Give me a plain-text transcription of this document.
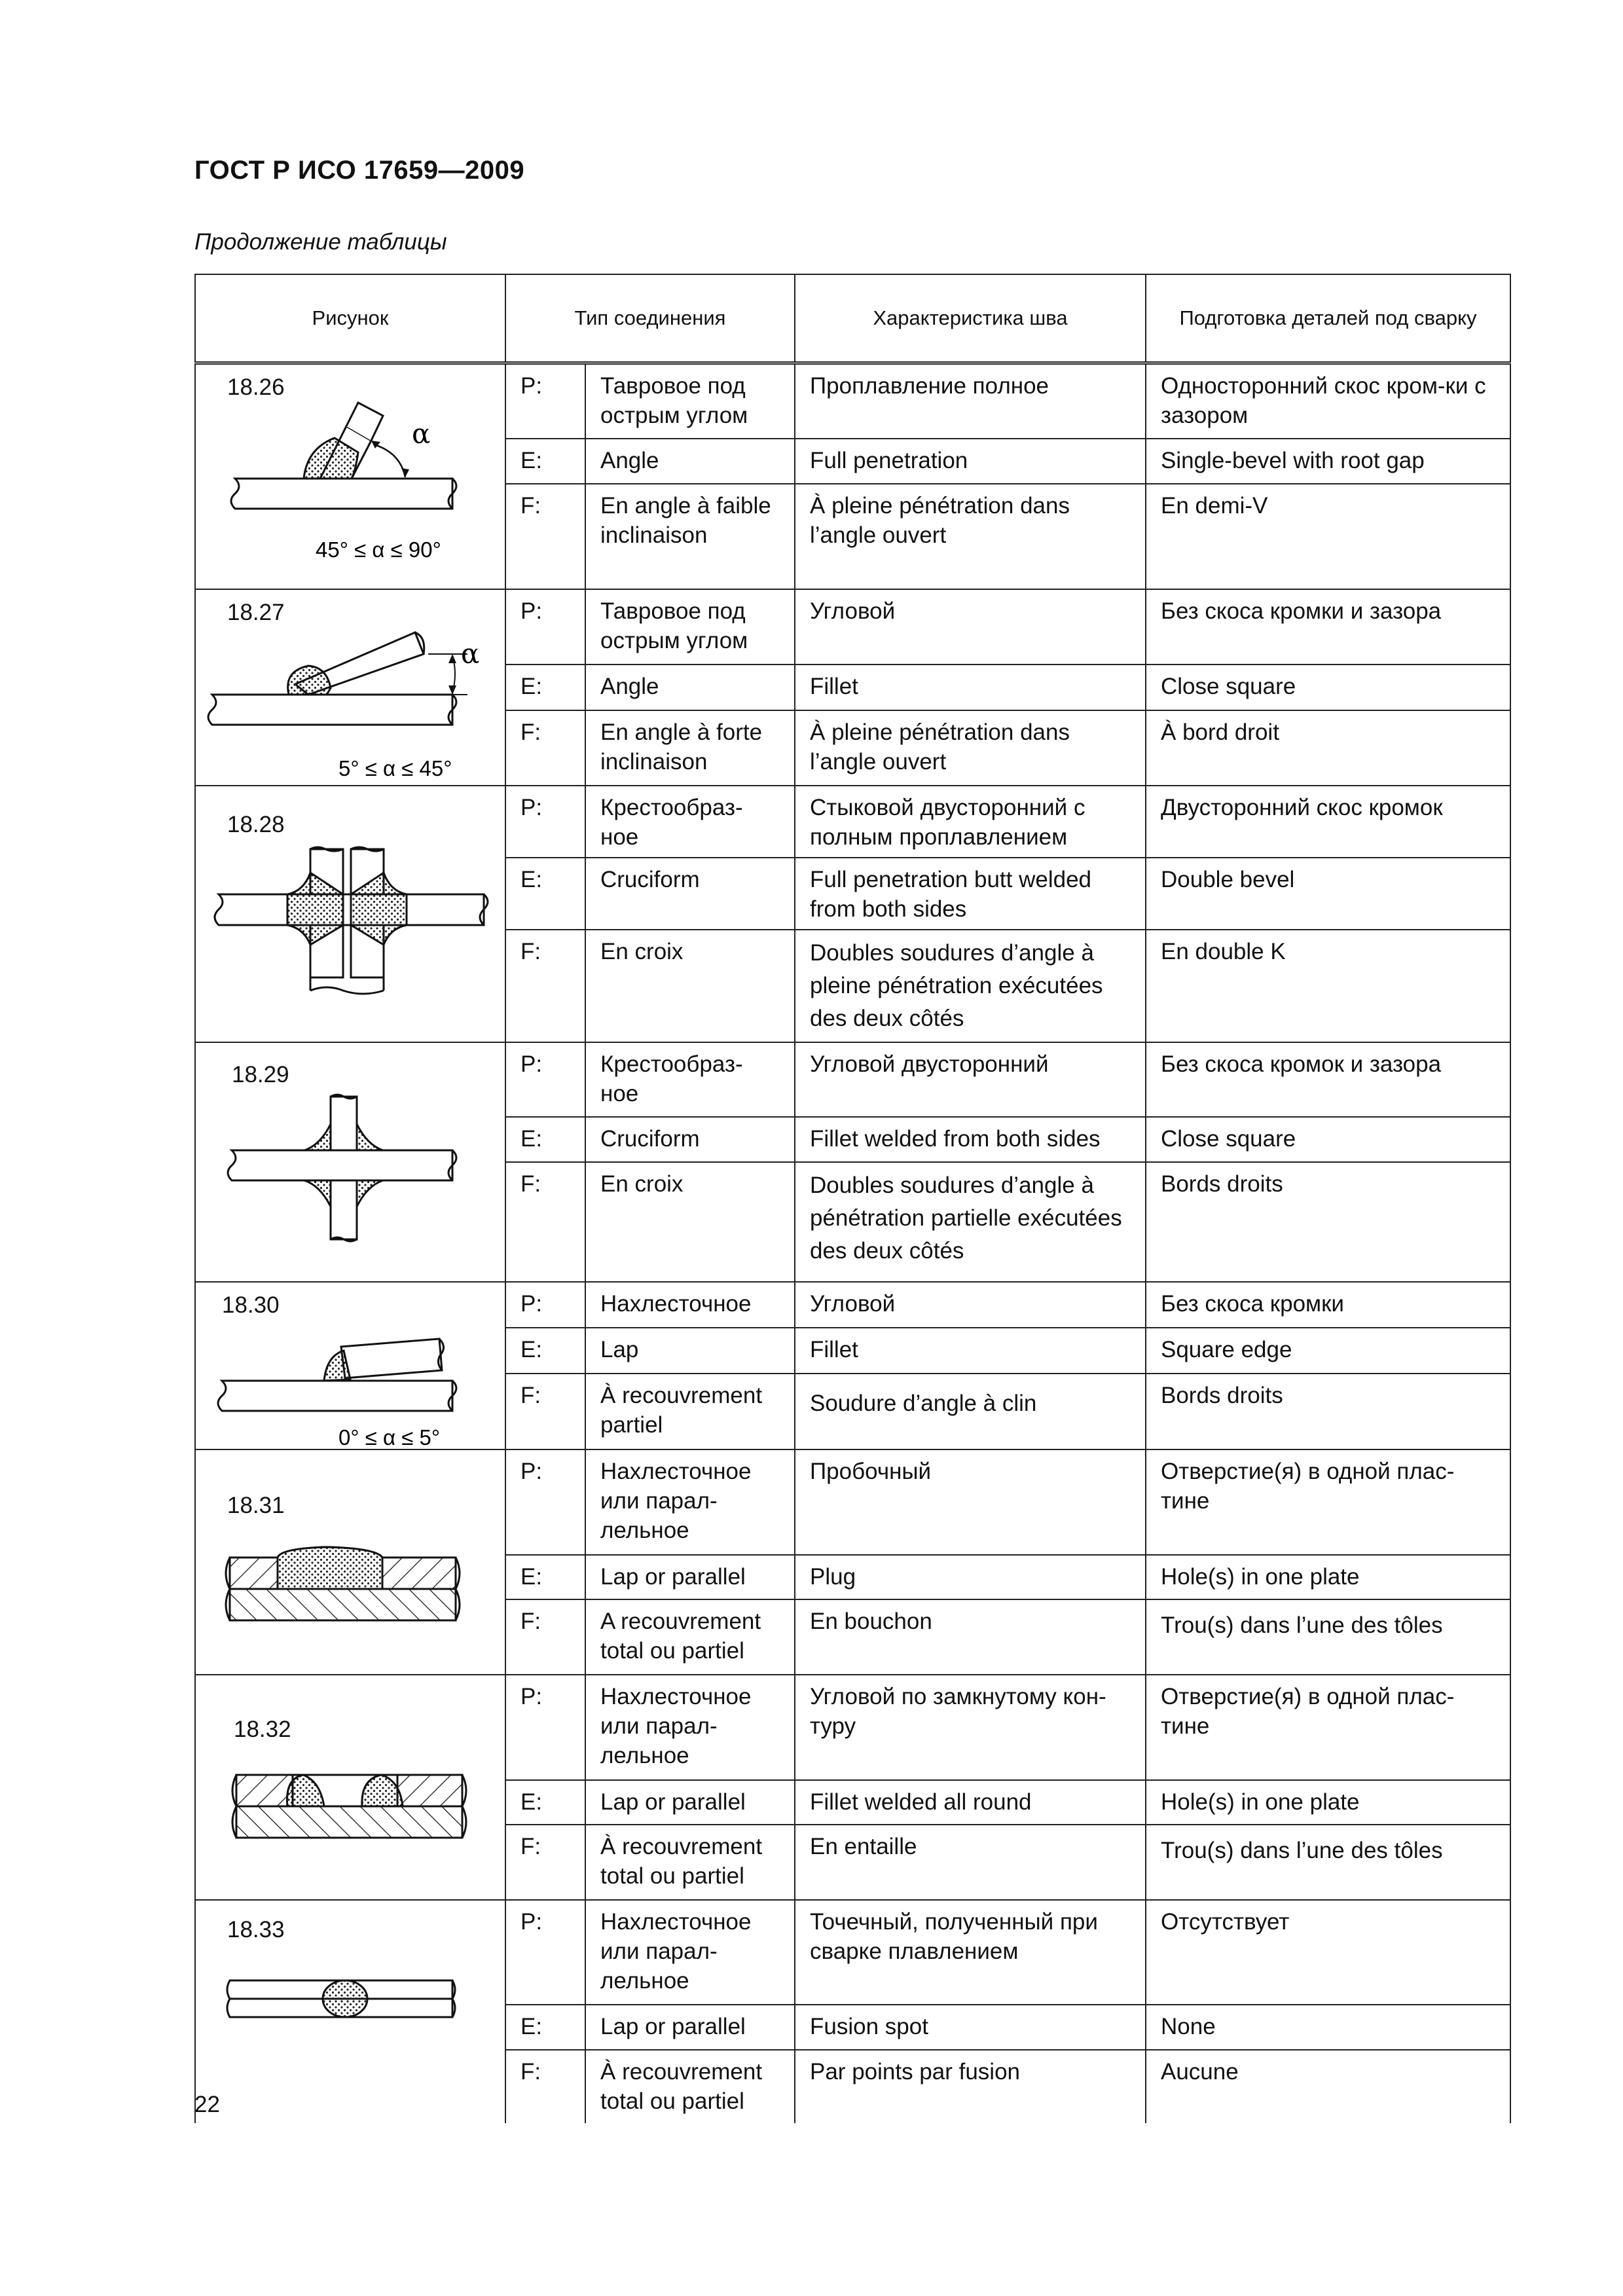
ГОСТ Р ИСО 17659—2009
Продолжение таблицы
Рисунок	Тип соединения		Характеристика шва	Подготовка деталей под сварку

18.26
α
45° ≤ α ≤ 90°	P:	Тавровое под острым углом	Проплавление полное	Односторонний скос кром-ки с зазором
	E:	Angle	Full penetration	Single-bevel with root gap
	F:	En angle à faible inclinaison	À pleine pénétration dans l’angle ouvert	En demi-V

18.27
α
5° ≤ α ≤ 45°	P:	Тавровое под острым углом	Угловой	Без скоса кромки и зазора
	E:	Angle	Fillet	Close square
	F:	En angle à forte inclinaison	À pleine pénétration dans l’angle ouvert	À bord droit

18.28	P:	Крестообраз-ное	Стыковой двусторонний с полным проплавлением	Двусторонний скос кромок
	E:	Cruciform	Full penetration butt welded from both sides	Double bevel
	F:	En croix	Doubles soudures d’angle à pleine pénétration exécutées des deux côtés	En double K

18.29	P:	Крестообраз-ное	Угловой двусторонний	Без скоса кромок и зазора
	E:	Cruciform	Fillet welded from both sides	Close square
	F:	En croix	Doubles soudures d’angle à pénétration partielle exécutées des deux côtés	Bords droits

18.30
0° ≤ α ≤ 5°	P:	Нахлесточное	Угловой	Без скоса кромки
	E:	Lap	Fillet	Square edge
	F:	À recouvrement partiel	Soudure d’angle à clin	Bords droits

18.31	P:	Нахлесточное или парал-лельное	Пробочный	Отверстие(я) в одной плас-тине
	E:	Lap or parallel	Plug	Hole(s) in one plate
	F:	A recouvrement total ou partiel	En bouchon	Trou(s) dans l’une des tôles

18.32	P:	Нахлесточное или парал-лельное	Угловой по замкнутому кон-туру	Отверстие(я) в одной плас-тине
	E:	Lap or parallel	Fillet welded all round	Hole(s) in one plate
	F:	À recouvrement total ou partiel	En entaille	Trou(s) dans l’une des tôles

18.33	P:	Нахлесточное или парал-лельное	Точечный, полученный при сварке плавлением	Отсутствует
	E:	Lap or parallel	Fusion spot	None
	F:	À recouvrement total ou partiel	Par points par fusion	Aucune
22
